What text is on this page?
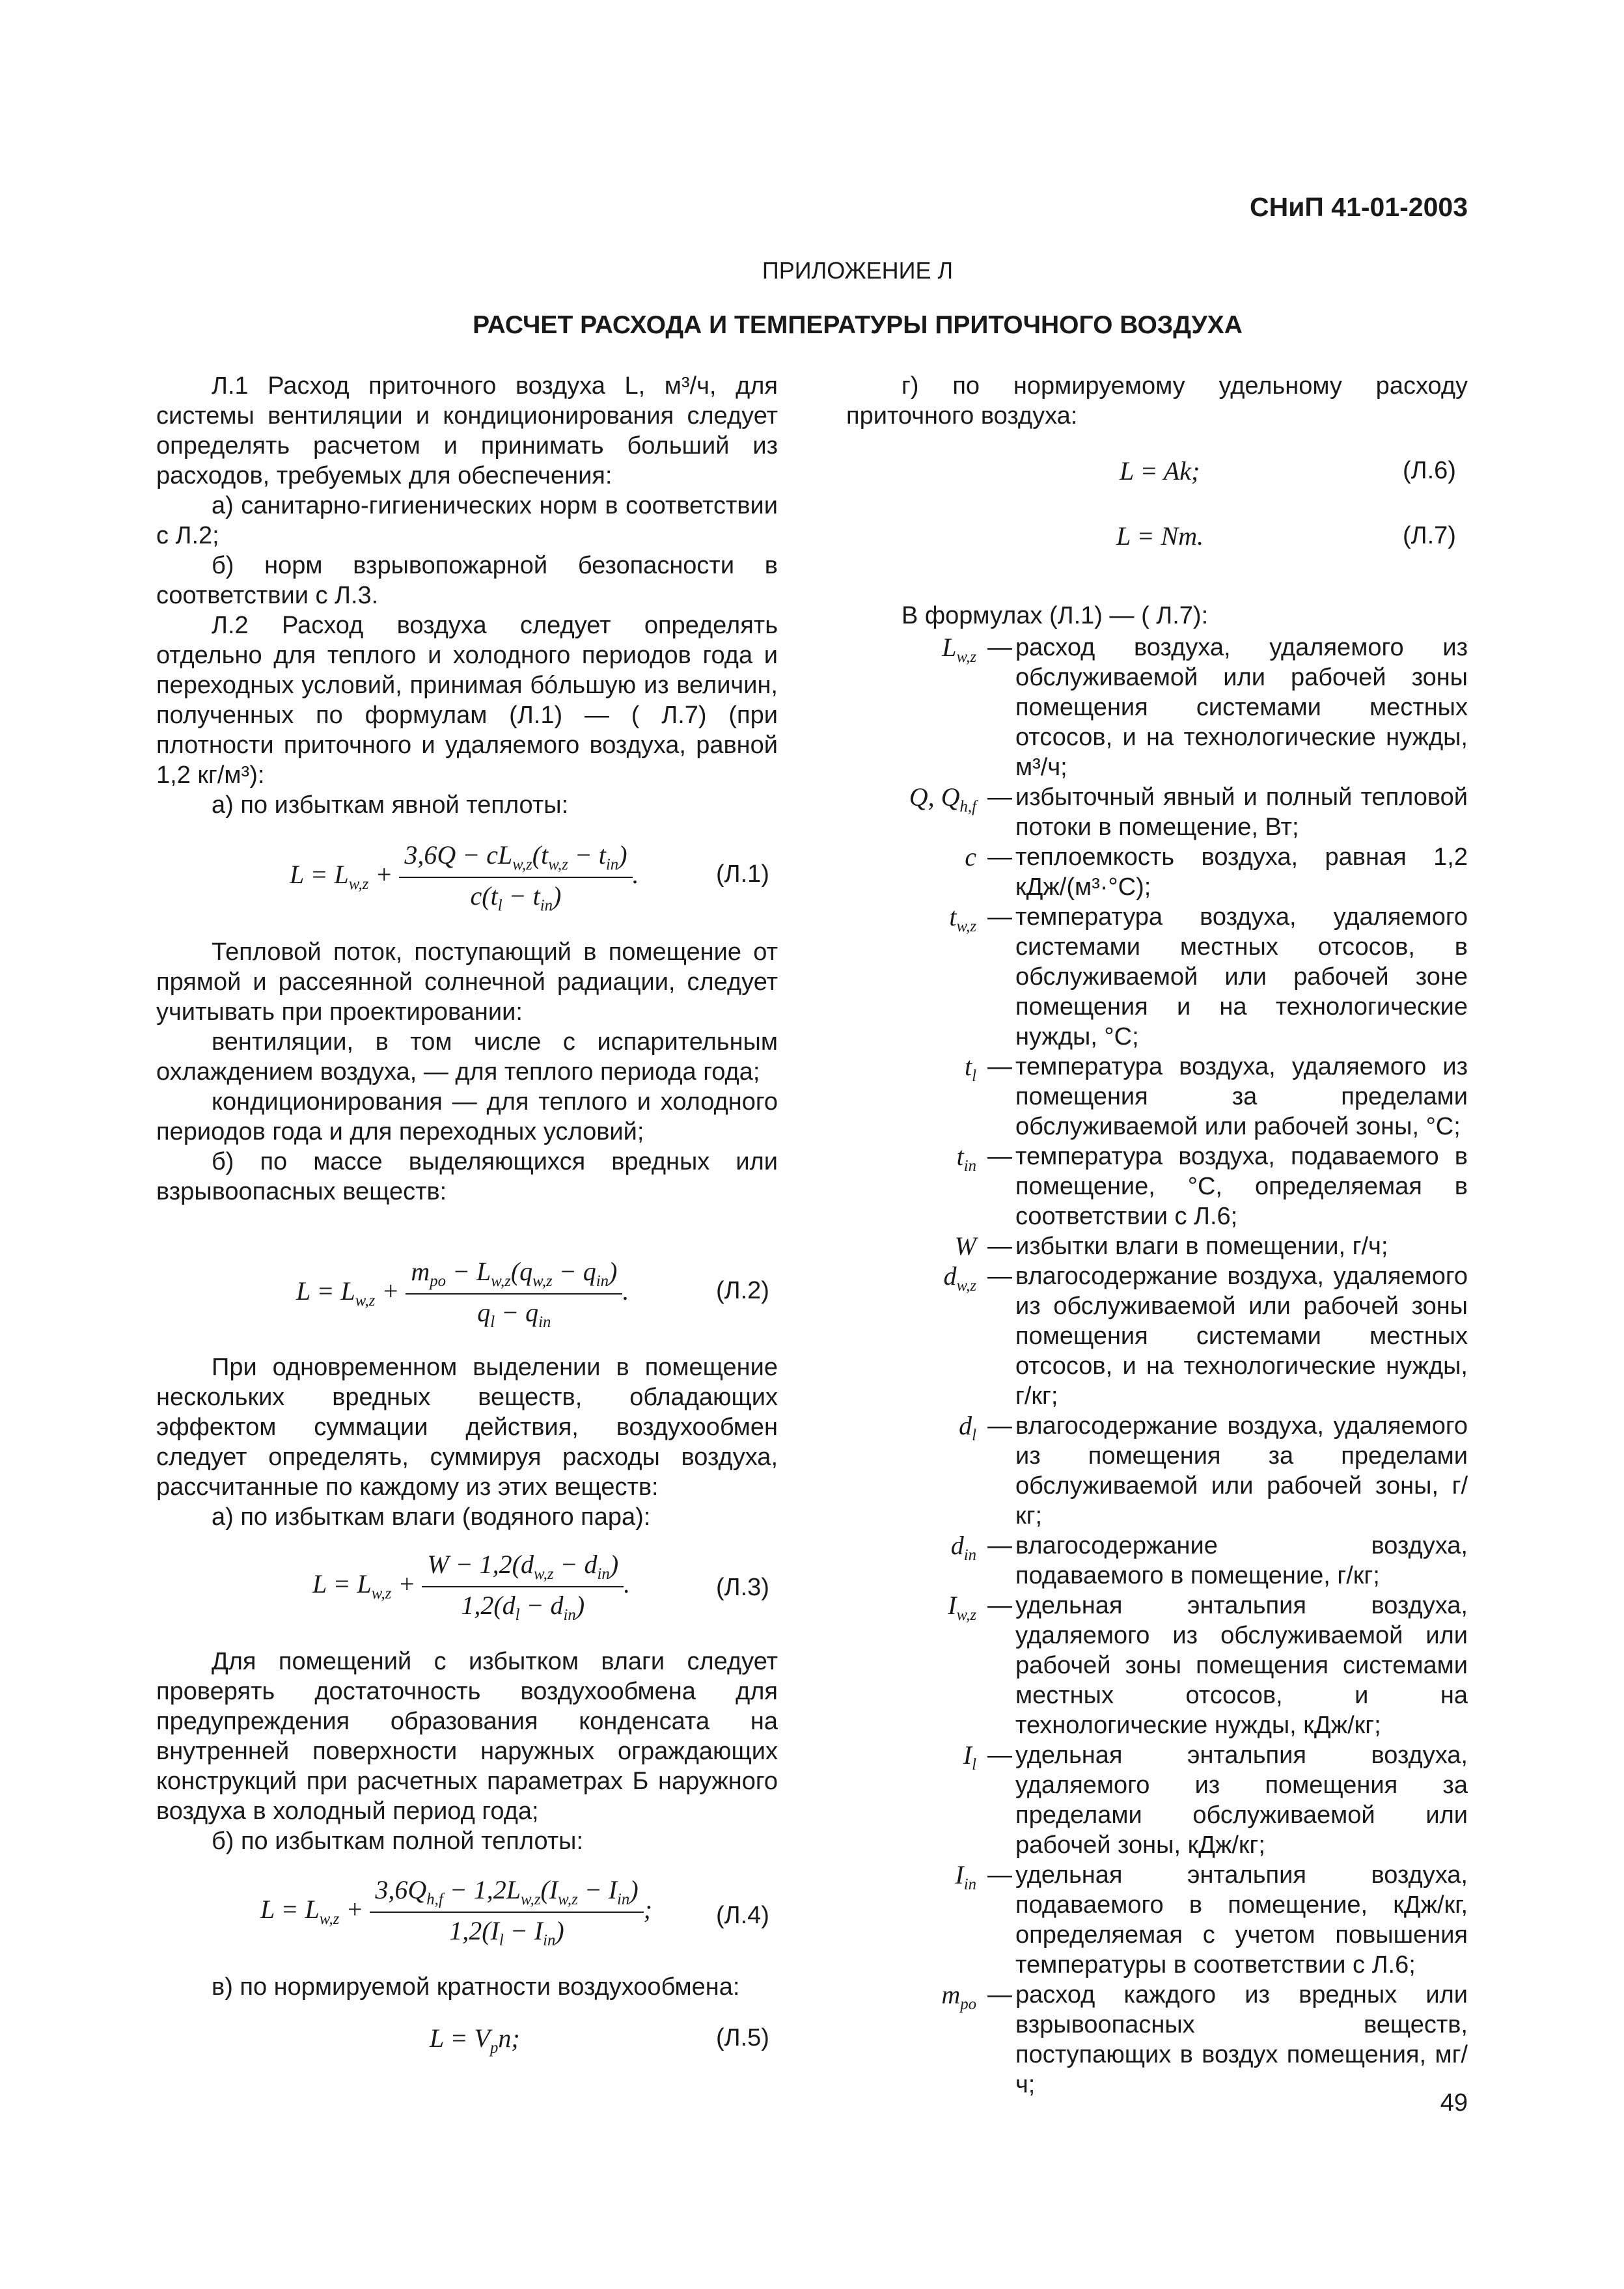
СНиП 41-01-2003
ПРИЛОЖЕНИЕ Л
РАСЧЕТ РАСХОДА И ТЕМПЕРАТУРЫ ПРИТОЧНОГО ВОЗДУХА

Л.1 Расход приточного воздуха L, м³/ч, для системы вентиляции и кондиционирования следует определять расчетом и принимать больший из расходов, требуемых для обеспечения:

а) санитарно-гигиенических норм в соответствии с Л.2;

б) норм взрывопожарной безопасности в соответствии с Л.3.

Л.2 Расход воздуха следует определять отдельно для теплого и холодного периодов года и переходных условий, принимая бóльшую из величин, полученных по формулам (Л.1) — ( Л.7) (при плотности приточного и удаляемого воздуха, равной 1,2 кг/м³):

а) по избыткам явной теплоты:

$L = L_{w,z} + \frac{3,6Q - cL_{w,z}(t_{w,z} - t_{in})}{c(t_l - t_{in})}$ .	(Л.1)

Тепловой поток, поступающий в помещение от прямой и рассеянной солнечной радиации, следует учитывать при проектировании:

вентиляции, в том числе с испарительным охлаждением воздуха, — для теплого периода года;

кондиционирования — для теплого и холодного периодов года и для переходных условий;

б) по массе выделяющихся вредных или взрывоопасных веществ:

$L = L_{w,z} + \frac{m_{po} - L_{w,z}(q_{w,z} - q_{in})}{q_l - q_{in}}$ .	(Л.2)

При одновременном выделении в помещение нескольких вредных веществ, обладающих эффектом суммации действия, воздухообмен следует определять, суммируя расходы воздуха, рассчитанные по каждому из этих веществ:

а) по избыткам влаги (водяного пара):

$L = L_{w,z} + \frac{W - 1,2(d_{w,z} - d_{in})}{1,2(d_l - d_{in})}$ .	(Л.3)

Для помещений с избытком влаги следует проверять достаточность воздухообмена для предупреждения образования конденсата на внутренней поверхности наружных ограждающих конструкций при расчетных параметрах Б наружного воздуха в холодный период года;

б) по избыткам полной теплоты:

$L = L_{w,z} + \frac{3,6Q_{h,f} - 1,2L_{w,z}(I_{w,z} - I_{in})}{1,2(I_l - I_{in})}$ ;	(Л.4)

в) по нормируемой кратности воздухообмена:

$L = V_pn$;	(Л.5)

г) по нормируемому удельному расходу приточного воздуха:

L = Ak;	(Л.6)
L = Nm.	(Л.7)
В формулах (Л.1) — ( Л.7):
$L_{w,z}$ — расход воздуха, удаляемого из обслуживаемой или рабочей зоны помещения системами местных отсосов, и на технологические нужды, м³/ч;
Q, $Q_{h,f}$ — избыточный явный и полный тепловой потоки в помещение, Вт;
c — теплоемкость воздуха, равная 1,2 кДж/(м³·°С);
$t_{w,z}$ — температура воздуха, удаляемого системами местных отсосов, в обслуживаемой или рабочей зоне помещения и на технологические нужды, °С;
$t_l$ — температура воздуха, удаляемого из помещения за пределами обслуживаемой или рабочей зоны, °С;
$t_{in}$ — температура воздуха, подаваемого в помещение, °С, определяемая в соответствии с Л.6;
W — избытки влаги в помещении, г/ч;
$d_{w,z}$ — влагосодержание воздуха, удаляемого из обслуживаемой или рабочей зоны помещения системами местных отсосов, и на технологические нужды, г/кг;
$d_l$ — влагосодержание воздуха, удаляемого из помещения за пределами обслуживаемой или рабочей зоны, г/кг;
$d_{in}$ — влагосодержание воздуха, подаваемого в помещение, г/кг;
$I_{w,z}$ — удельная энтальпия воздуха, удаляемого из обслуживаемой или рабочей зоны помещения системами местных отсосов, и на технологические нужды, кДж/кг;
$I_l$ — удельная энтальпия воздуха, удаляемого из помещения за пределами обслуживаемой или рабочей зоны, кДж/кг;
$I_{in}$ — удельная энтальпия воздуха, подаваемого в помещение, кДж/кг, определяемая с учетом повышения температуры в соответствии с Л.6;
$m_{po}$ — расход каждого из вредных или взрывоопасных веществ, поступающих в воздух помещения, мг/ч;
49
